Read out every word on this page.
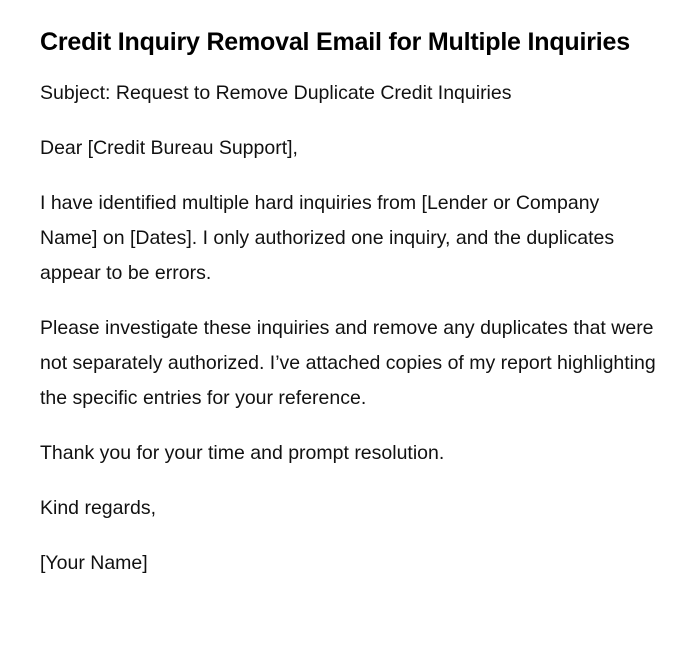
Credit Inquiry Removal Email for Multiple Inquiries

Subject: Request to Remove Duplicate Credit Inquiries

Dear [Credit Bureau Support],

I have identified multiple hard inquiries from [Lender or Company Name] on [Dates]. I only authorized one inquiry, and the duplicates appear to be errors.

Please investigate these inquiries and remove any duplicates that were not separately authorized. I’ve attached copies of my report highlighting the specific entries for your reference.

Thank you for your time and prompt resolution.

Kind regards,

[Your Name]
